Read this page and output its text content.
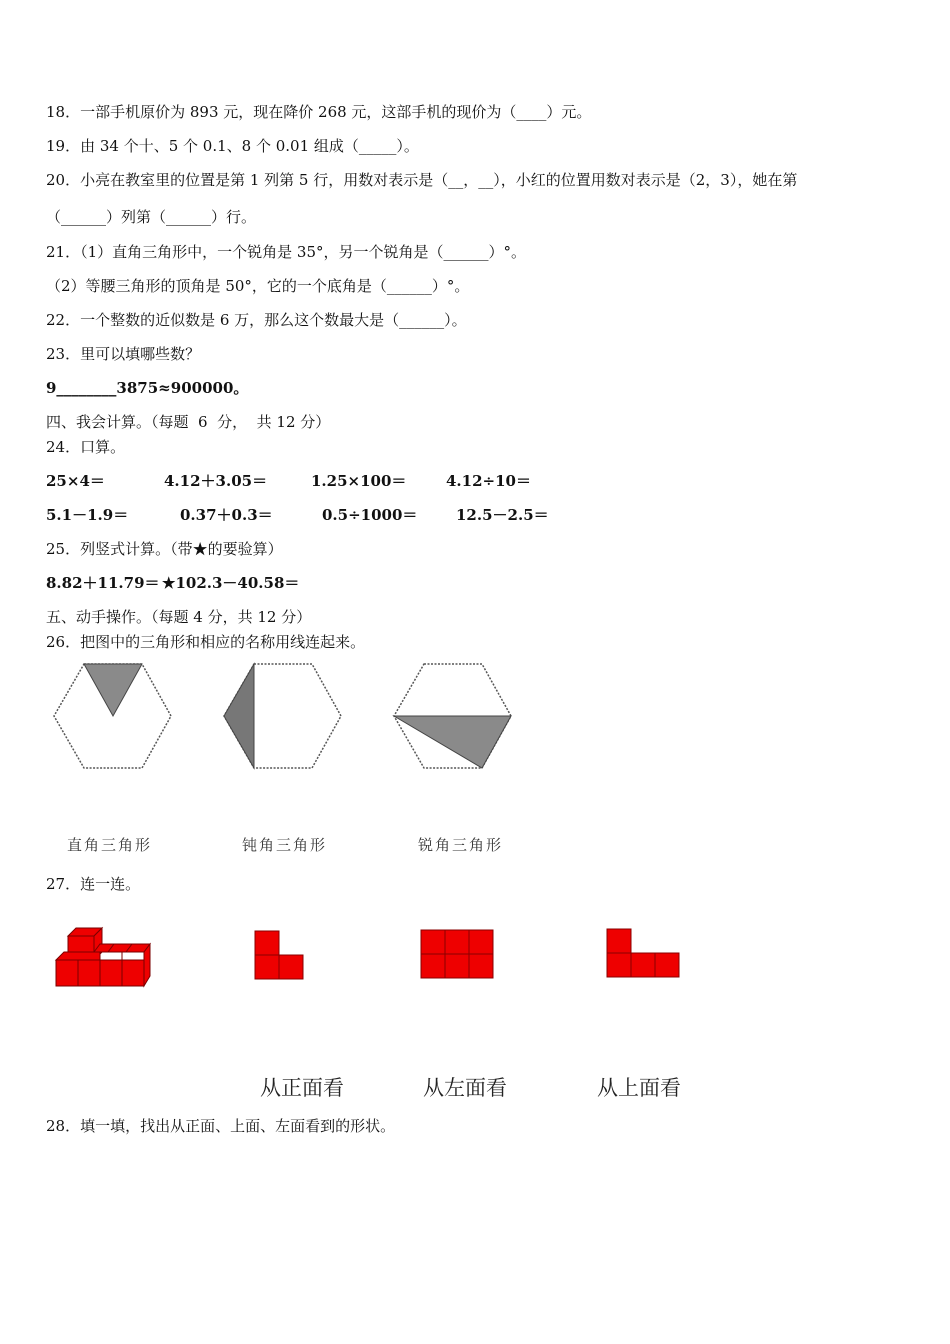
18．一部手机原价为 893 元，现在降价 268 元，这部手机的现价为（____）元。
19．由 34 个十、5 个 0.1、8 个 0.01 组成（_____）。
20．小亮在教室里的位置是第 1 列第 5 行，用数对表示是（__，__），小红的位置用数对表示是（2，3），她在第
（______）列第（______）行。
21．（1）直角三角形中，一个锐角是 35°，另一个锐角是（______）°。
（2）等腰三角形的顶角是 50°，它的一个底角是（______）°。
22．一个整数的近似数是 6 万，那么这个数最大是（______）。
23．里可以填哪些数？
9________3875≈900000。
四、我会计算。（每题  6  分，  共 12 分）
24．口算。
25×4＝	4.12＋3.05＝	1.25×100＝	4.12÷10＝
5.1－1.9＝	0.37＋0.3＝	0.5÷1000＝	12.5－2.5＝
25．列竖式计算。（带★的要验算）
8.82＋11.79＝ ★102.3－40.58＝
五、动手操作。（每题 4 分，共 12 分）
26．把图中的三角形和相应的名称用线连起来。
直角三角形	钝角三角形	锐角三角形
27．连一连。
从正面看	从左面看	从上面看
28．填一填，找出从正面、上面、左面看到的形状。
